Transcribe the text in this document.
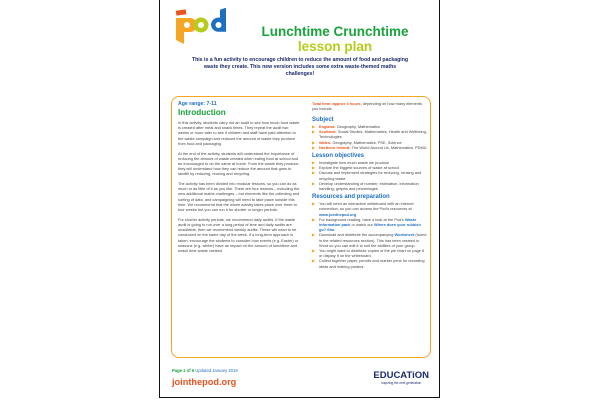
Lunchtime Crunchtime
lesson plan
This is a fun activity to encourage children to reduce the amount of food and packaging waste they create. This new version includes some extra waste-themed maths challenges!
Age range: 7-11
Introduction

In this activity, students carry out an audit to see how much food waste is created after meal and snack times. They repeat the audit two weeks or more later to see if children and staff have paid attention to the waste campaign and reduced the amount of waste they produce from food and packaging.

At the end of the activity, students will understand the importance of reducing the amount of waste created when eating food at school and be encouraged to do the same at home. From the waste they produce, they will understand how they can reduce the amount that goes to landfill by reducing, reusing and recycling.

The activity has been divided into modular lessons, so you can do as much or as little of it as you like. There are four lessons – including the new additional maths challenges – but elements like the collecting and sorting of data, and campaigning will need to take place outside this time. We recommend that the whole activity takes place over three to four weeks but you can run it for shorter or longer periods.

For shorter activity periods, we recommend daily audits. If the waste audit is going to run over a long period of time and daily audits are unsuitable, then we recommend weekly audits. These will need to be conducted on the same day of the week. If a long-term approach is taken, encourage the students to consider how events (e.g. Easter) or seasons (e.g. winter) have an impact on the amount of lunchtime and snack time waste created.

Total time: approx 4 hours, depending on how many elements you include.

Subject
▶ England: Geography, Mathematics
▶ Scotland: Social Studies, Mathematics, Health and Wellbeing, Technologies
▶ Wales: Geography, Mathematics, PSE, Science
▶ Northern Ireland: The World Around Us, Mathematics, PDMU
Lesson objectives
▶ Investigate how much waste we produce
▶ Explore the biggest sources of waste at school
▶ Discuss and implement strategies for reducing, reusing and recycling waste
▶ Develop understanding of number, estimation, information handling, graphs and percentages
Resources and preparation
▶ You will need an interactive whiteboard with an internet connection, so you can access the Pod's resources at www.jointhepod.org
▶ For background reading, have a look at the Pod's Waste information pack or watch our Where does your rubbish go? film.
▶ Download and distribute the accompanying Worksheet (found in the related resources section). This has been created in Word so you can edit it to suit the abilities of your group.
▶ You might want to distribute copies of the pie chart on page 6 or display it on the whiteboard.
▶ Collect together paper, pencils and marker pens for recording ideas and making posters.
Page 1 of 6 Updated January 2018
jointhepod.org
EDUCATiON
Inspiring the next generation
